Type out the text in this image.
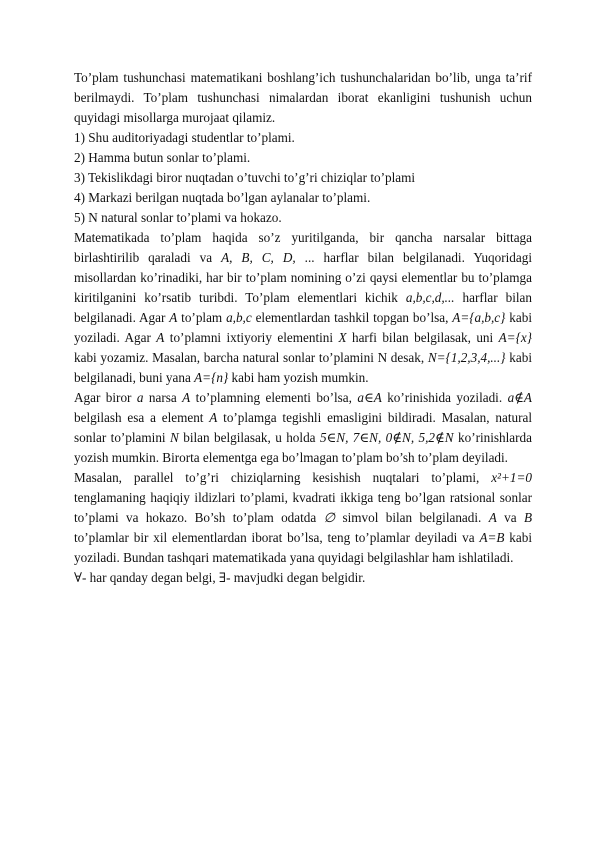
To’plam tushunchasi matematikani boshlang’ich tushunchalaridan bo’lib, unga ta’rif berilmaydi. To’plam tushunchasi nimalardan iborat ekanligini tushunish uchun quyidagi misollarga murojaat qilamiz.

1) Shu auditoriyadagi studentlar to’plami.

2) Hamma butun sonlar to’plami.

3) Tekislikdagi biror nuqtadan o’tuvchi to’g’ri chiziqlar to’plami

4) Markazi berilgan nuqtada bo’lgan aylanalar to’plami.

5) N natural sonlar to’plami va hokazo.

Matematikada to’plam haqida so’z yuritilganda, bir qancha narsalar bittaga birlashtirilib qaraladi va A, B, C, D, ... harflar bilan belgilanadi. Yuqoridagi misollardan ko’rinadiki, har bir to’plam nomining o’zi qaysi elementlar bu to’plamga kiritilganini ko’rsatib turibdi. To’plam elementlari kichik a,b,c,d,... harflar bilan belgilanadi. Agar A to’plam a,b,c elementlardan tashkil topgan bo’lsa, A={a,b,c} kabi yoziladi. Agar A to’plamni ixtiyoriy elementini X harfi bilan belgilasak, uni A={x} kabi yozamiz. Masalan, barcha natural sonlar to’plamini N desak, N={1,2,3,4,...} kabi belgilanadi, buni yana A={n} kabi ham yozish mumkin.

Agar biror a narsa A to’plamning elementi bo’lsa, a∈A ko’rinishida yoziladi. a∉A belgilash esa a element A to’plamga tegishli emasligini bildiradi. Masalan, natural sonlar to’plamini N bilan belgilasak, u holda 5∈N, 7∈N, 0∉N, 5,2∉N ko’rinishlarda yozish mumkin. Birorta elementga ega bo’lmagan to’plam bo’sh to’plam deyiladi.

Masalan, parallel to’g’ri chiziqlarning kesishish nuqtalari to’plami, x²+1=0 tenglamaning haqiqiy ildizlari to’plami, kvadrati ikkiga teng bo’lgan ratsional sonlar to’plami va hokazo. Bo’sh to’plam odatda ∅ simvol bilan belgilanadi. A va B to’plamlar bir xil elementlardan iborat bo’lsa, teng to’plamlar deyiladi va A=B kabi yoziladi. Bundan tashqari matematikada yana quyidagi belgilashlar ham ishlatiladi.

∀- har qanday degan belgi, ∃- mavjudki degan belgidir.
